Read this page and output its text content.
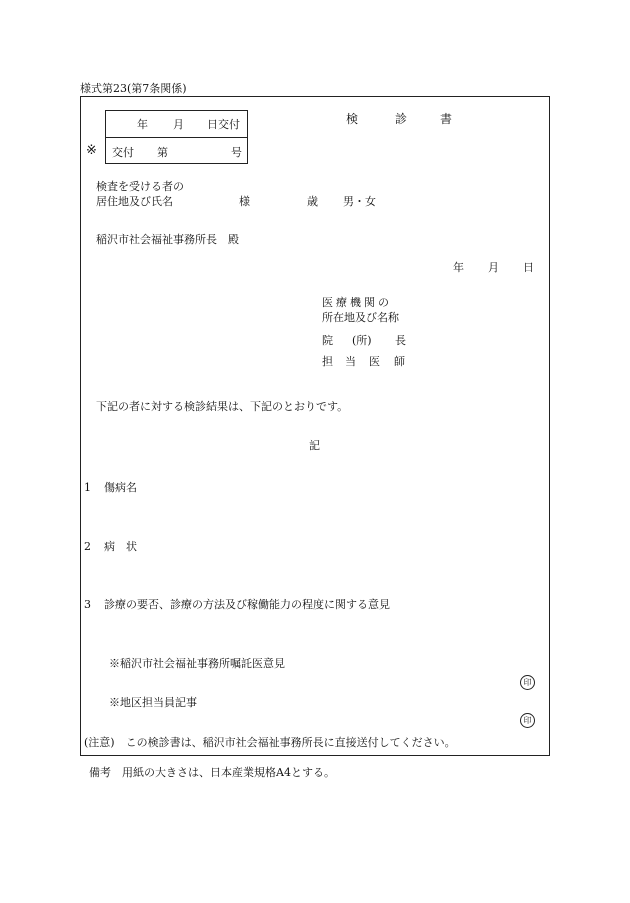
様式第23(第7条関係)
※
年 月 日交付
交付 第	号
検	診	書
検査を受ける者の
居住地及び氏名	様	歳 男・女
稲沢市社会福祉事務所長　殿
年 月 日
医療機関の
所在地及び名称
院 (所) 長
担 当 医 師
下記の者に対する検診結果は、下記のとおりです。
記
1 傷病名
2 病　状
3 診療の要否、診療の方法及び稼働能力の程度に関する意見
※稲沢市社会福祉事務所嘱託医意見
印
※地区担当員記事
印
(注意)　この検診書は、稲沢市社会福祉事務所長に直接送付してください。
備考　用紙の大きさは、日本産業規格A4とする。
